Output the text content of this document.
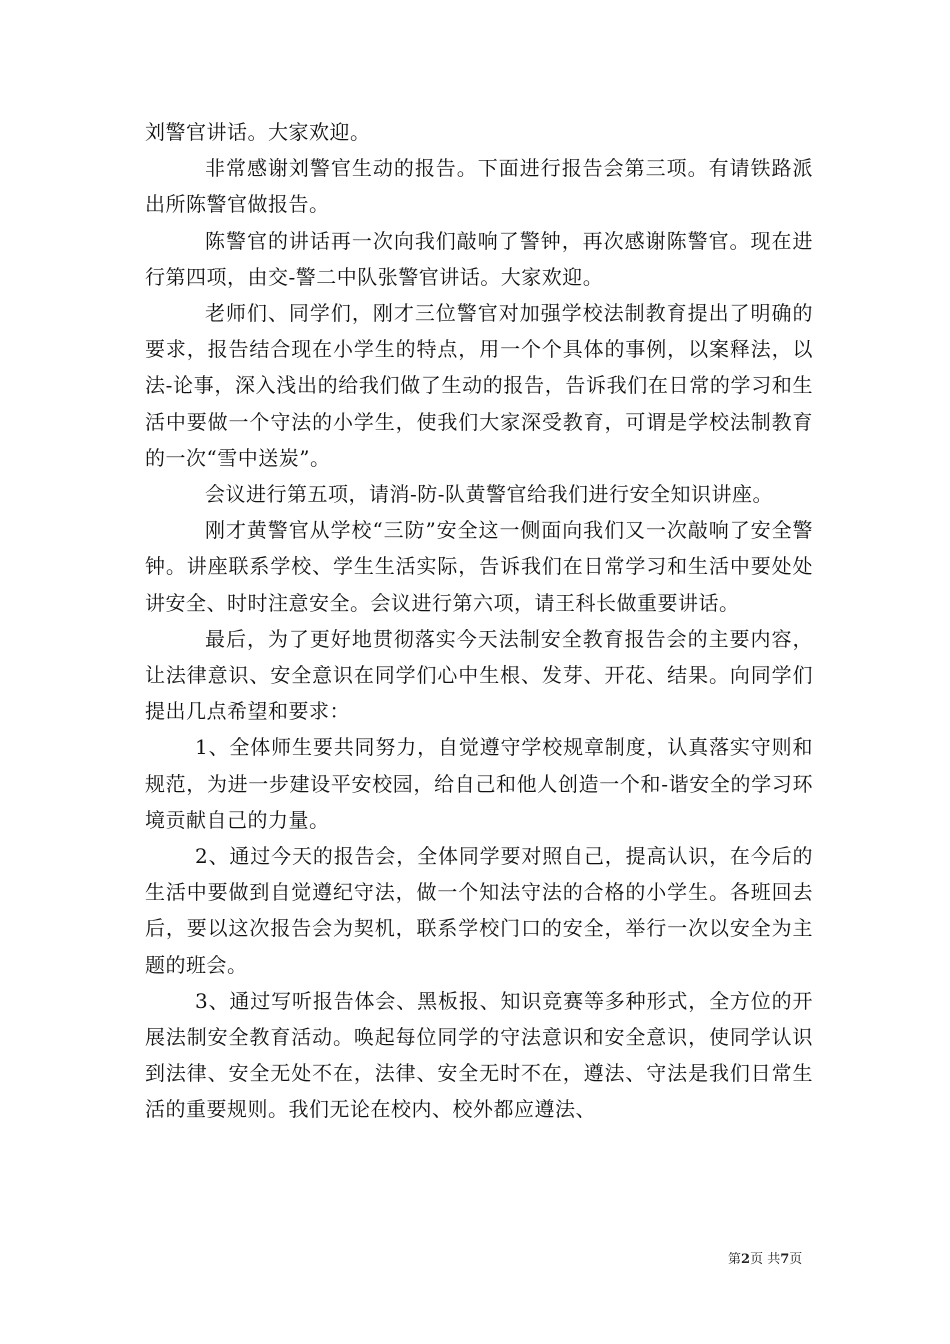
刘警官讲话。大家欢迎。

非常感谢刘警官生动的报告。下面进行报告会第三项。有请铁路派出所陈警官做报告。

陈警官的讲话再一次向我们敲响了警钟，再次感谢陈警官。现在进行第四项，由交-警二中队张警官讲话。大家欢迎。

老师们、同学们，刚才三位警官对加强学校法制教育提出了明确的要求，报告结合现在小学生的特点，用一个个具体的事例，以案释法，以法-论事，深入浅出的给我们做了生动的报告，告诉我们在日常的学习和生活中要做一个守法的小学生，使我们大家深受教育，可谓是学校法制教育的一次“雪中送炭”。

会议进行第五项，请消-防-队黄警官给我们进行安全知识讲座。

刚才黄警官从学校“三防”安全这一侧面向我们又一次敲响了安全警钟。讲座联系学校、学生生活实际，告诉我们在日常学习和生活中要处处讲安全、时时注意安全。会议进行第六项，请王科长做重要讲话。

最后，为了更好地贯彻落实今天法制安全教育报告会的主要内容，让法律意识、安全意识在同学们心中生根、发芽、开花、结果。向同学们提出几点希望和要求：

1、全体师生要共同努力，自觉遵守学校规章制度，认真落实守则和规范，为进一步建设平安校园，给自己和他人创造一个和-谐安全的学习环境贡献自己的力量。

2、通过今天的报告会，全体同学要对照自己，提高认识，在今后的生活中要做到自觉遵纪守法，做一个知法守法的合格的小学生。各班回去后，要以这次报告会为契机，联系学校门口的安全，举行一次以安全为主题的班会。

3、通过写听报告体会、黑板报、知识竞赛等多种形式，全方位的开展法制安全教育活动。唤起每位同学的守法意识和安全意识，使同学认识到法律、安全无处不在，法律、安全无时不在，遵法、守法是我们日常生活的重要规则。我们无论在校内、校外都应遵法、

第2页 共7页
